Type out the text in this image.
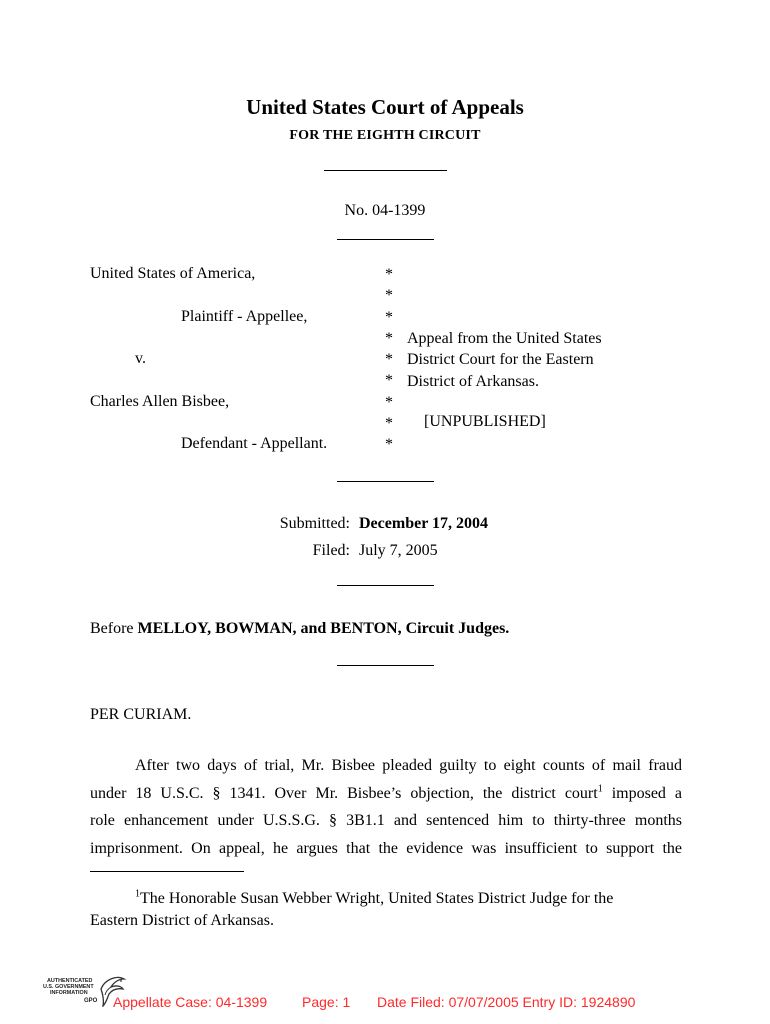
United States Court of Appeals
FOR THE EIGHTH CIRCUIT
No. 04-1399
United States of America,
Plaintiff - Appellee,
v.
Charles Allen Bisbee,
Defendant - Appellant.
*
*
*
*
*
*
*
*
*
Appeal from the United States
District Court for the Eastern
District of Arkansas.
[UNPUBLISHED]
Submitted: December 17, 2004
Filed: July 7, 2005
Before MELLOY, BOWMAN, and BENTON, Circuit Judges.
PER CURIAM.
After two days of trial, Mr. Bisbee pleaded guilty to eight counts of mail fraud
under 18 U.S.C. § 1341. Over Mr. Bisbee’s objection, the district court$^1$ imposed a
role enhancement under U.S.S.G. § 3B1.1 and sentenced him to thirty-three months
imprisonment. On appeal, he argues that the evidence was insufficient to support the
$^1$The Honorable Susan Webber Wright, United States District Judge for the
Eastern District of Arkansas.
AUTHENTICATED
U.S. GOVERNMENT
INFORMATION
GPO Appellate Case: 04-1399 Page: 1 Date Filed: 07/07/2005 Entry ID: 1924890
